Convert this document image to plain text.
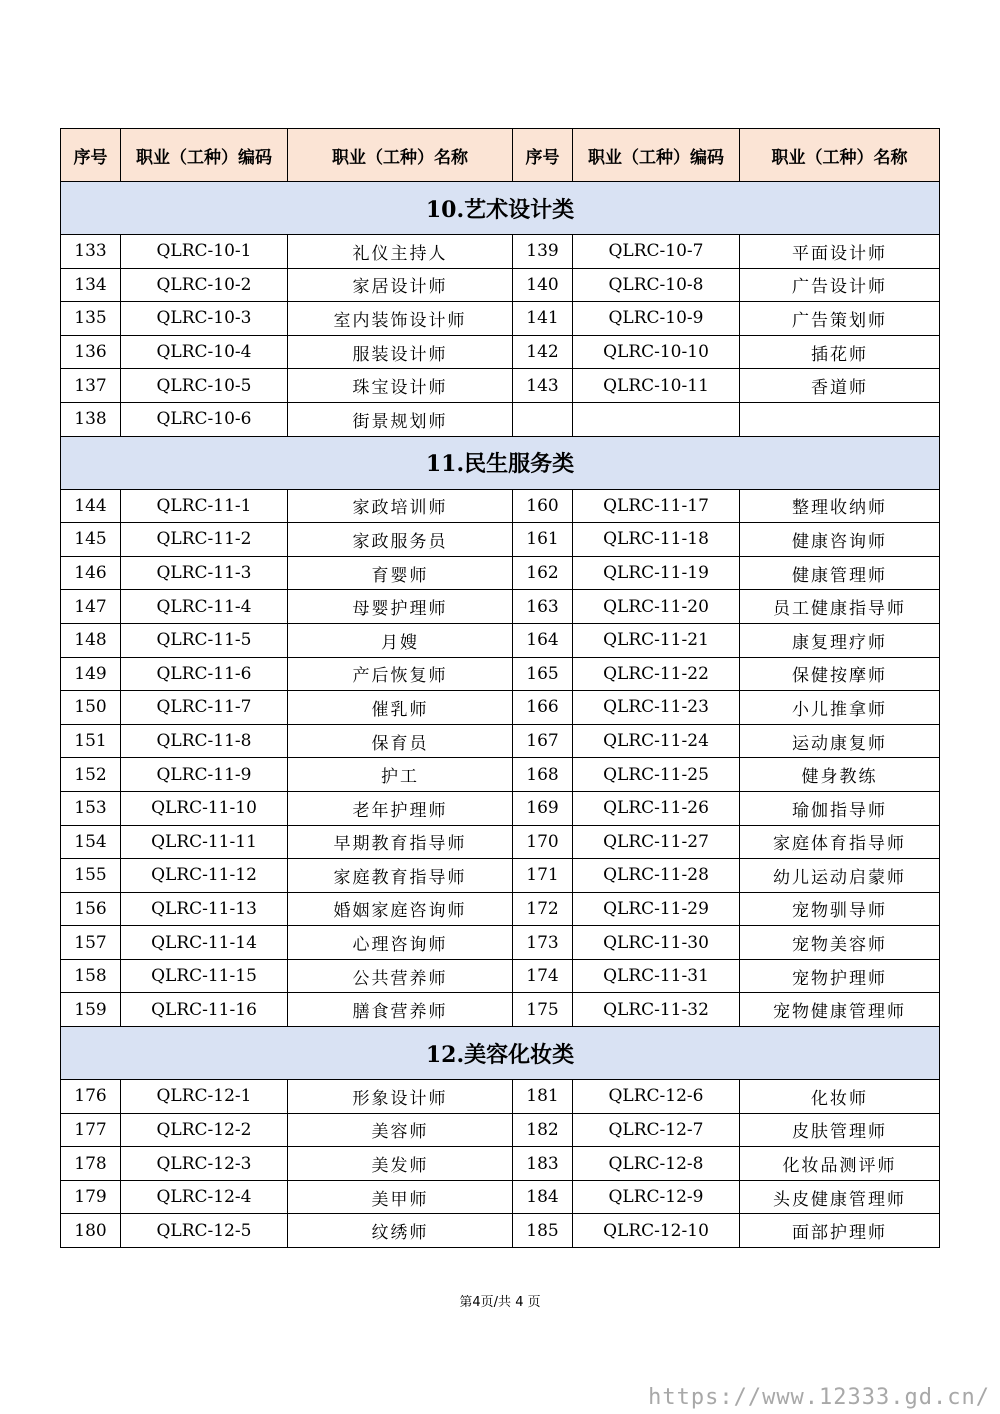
序号	职业（工种）编码	职业（工种）名称	序号	职业（工种）编码	职业（工种）名称
10.艺术设计类					
133	QLRC-10-1	礼仪主持人	139	QLRC-10-7	平面设计师
134	QLRC-10-2	家居设计师	140	QLRC-10-8	广告设计师
135	QLRC-10-3	室内装饰设计师	141	QLRC-10-9	广告策划师
136	QLRC-10-4	服装设计师	142	QLRC-10-10	插花师
137	QLRC-10-5	珠宝设计师	143	QLRC-10-11	香道师
138	QLRC-10-6	街景规划师			
11.民生服务类					
144	QLRC-11-1	家政培训师	160	QLRC-11-17	整理收纳师
145	QLRC-11-2	家政服务员	161	QLRC-11-18	健康咨询师
146	QLRC-11-3	育婴师	162	QLRC-11-19	健康管理师
147	QLRC-11-4	母婴护理师	163	QLRC-11-20	员工健康指导师
148	QLRC-11-5	月嫂	164	QLRC-11-21	康复理疗师
149	QLRC-11-6	产后恢复师	165	QLRC-11-22	保健按摩师
150	QLRC-11-7	催乳师	166	QLRC-11-23	小儿推拿师
151	QLRC-11-8	保育员	167	QLRC-11-24	运动康复师
152	QLRC-11-9	护工	168	QLRC-11-25	健身教练
153	QLRC-11-10	老年护理师	169	QLRC-11-26	瑜伽指导师
154	QLRC-11-11	早期教育指导师	170	QLRC-11-27	家庭体育指导师
155	QLRC-11-12	家庭教育指导师	171	QLRC-11-28	幼儿运动启蒙师
156	QLRC-11-13	婚姻家庭咨询师	172	QLRC-11-29	宠物驯导师
157	QLRC-11-14	心理咨询师	173	QLRC-11-30	宠物美容师
158	QLRC-11-15	公共营养师	174	QLRC-11-31	宠物护理师
159	QLRC-11-16	膳食营养师	175	QLRC-11-32	宠物健康管理师
12.美容化妆类					
176	QLRC-12-1	形象设计师	181	QLRC-12-6	化妆师
177	QLRC-12-2	美容师	182	QLRC-12-7	皮肤管理师
178	QLRC-12-3	美发师	183	QLRC-12-8	化妆品测评师
179	QLRC-12-4	美甲师	184	QLRC-12-9	头皮健康管理师
180	QLRC-12-5	纹绣师	185	QLRC-12-10	面部护理师
第4页/共 4 页
https://www.12333.gd.cn/
